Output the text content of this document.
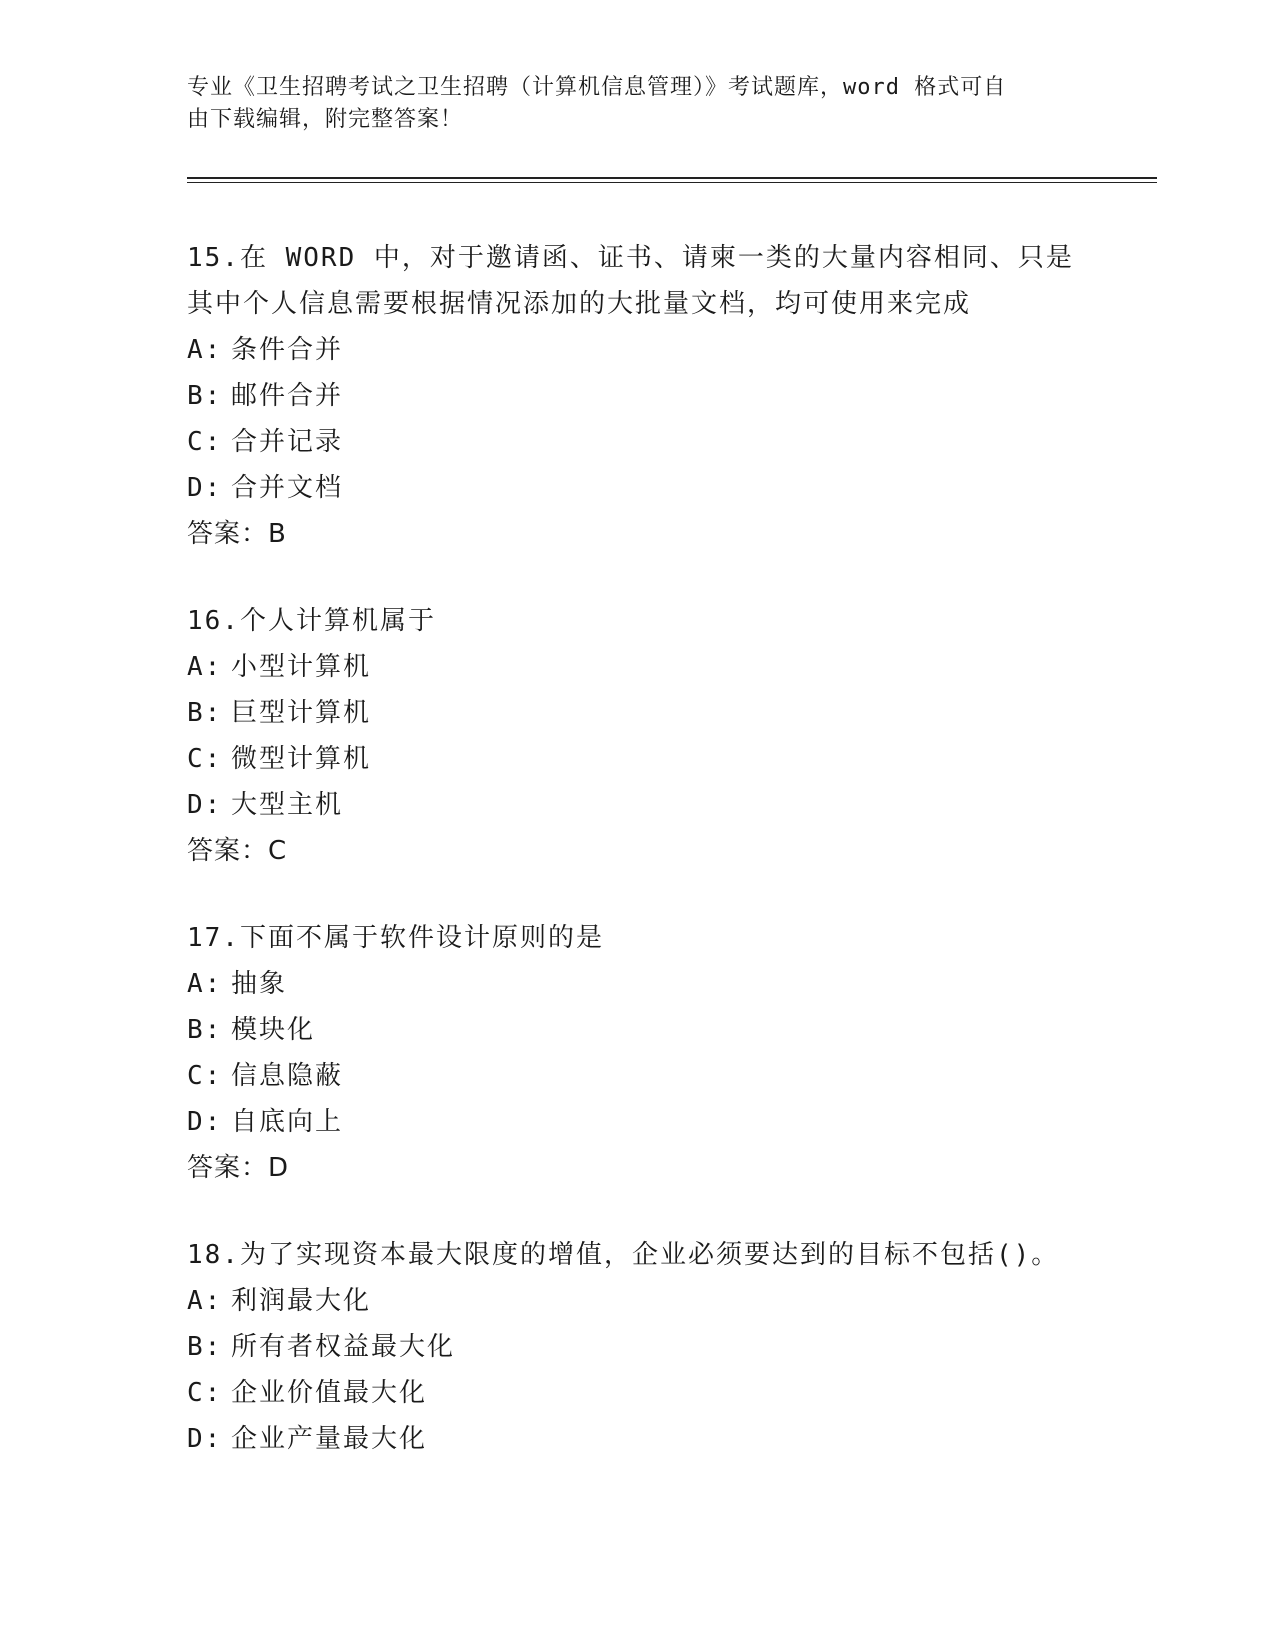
专业《卫生招聘考试之卫生招聘（计算机信息管理）》考试题库，word 格式可自
由下载编辑，附完整答案！

15.在 WORD 中，对于邀请函、证书、请柬一类的大量内容相同、只是

其中个人信息需要根据情况添加的大批量文档，均可使用来完成

A: 条件合并

B: 邮件合并

C: 合并记录

D: 合并文档

答案：B

16.个人计算机属于

A: 小型计算机

B: 巨型计算机

C: 微型计算机

D: 大型主机

答案：C

17.下面不属于软件设计原则的是

A: 抽象

B: 模块化

C: 信息隐蔽

D: 自底向上

答案：D

18.为了实现资本最大限度的增值，企业必须要达到的目标不包括()。

A: 利润最大化

B: 所有者权益最大化

C: 企业价值最大化

D: 企业产量最大化
